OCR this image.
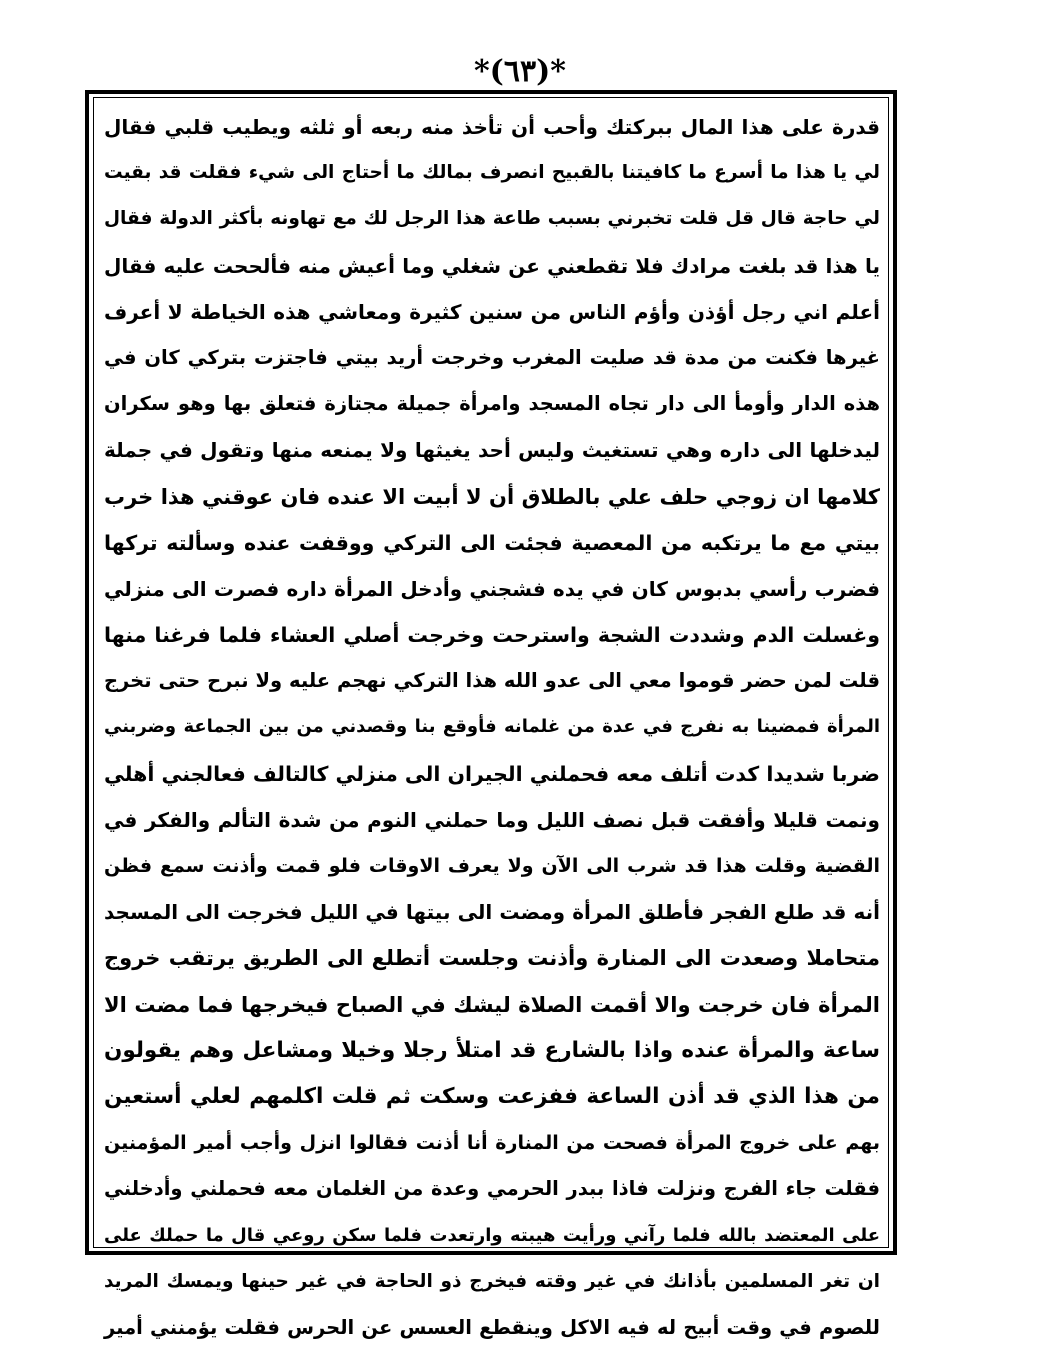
*(٦٣)*
قدرة على هذا المال ببركتك وأحب أن تأخذ منه ربعه أو ثلثه ويطيب قلبي فقال
لي يا هذا ما أسرع ما كافيتنا بالقبيح انصرف بمالك ما أحتاج الى شيء فقلت قد بقيت
لي حاجة قال قل قلت تخبرني بسبب طاعة هذا الرجل لك مع تهاونه بأكثر الدولة فقال
يا هذا قد بلغت مرادك فلا تقطعني عن شغلي وما أعيش منه فألححت عليه فقال
أعلم اني رجل أؤذن وأؤم الناس من سنين كثيرة ومعاشي هذه الخياطة لا أعرف
غيرها فكنت من مدة قد صليت المغرب وخرجت أريد بيتي فاجتزت بتركي كان في
هذه الدار وأومأ الى دار تجاه المسجد وامرأة جميلة مجتازة فتعلق بها وهو سكران
ليدخلها الى داره وهي تستغيث وليس أحد يغيثها ولا يمنعه منها وتقول في جملة
كلامها ان زوجي حلف علي بالطلاق أن لا أبيت الا عنده فان عوقني هذا خرب
بيتي مع ما يرتكبه من المعصية فجئت الى التركي ووقفت عنده وسألته تركها
فضرب رأسي بدبوس كان في يده فشجني وأدخل المرأة داره فصرت الى منزلي
وغسلت الدم وشددت الشجة واسترحت وخرجت أصلي العشاء فلما فرغنا منها
قلت لمن حضر قوموا معي الى عدو الله هذا التركي نهجم عليه ولا نبرح حتى تخرج
المرأة فمضينا به نفرج في عدة من غلمانه فأوقع بنا وقصدني من بين الجماعة وضربني
ضربا شديدا كدت أتلف معه فحملني الجيران الى منزلي كالتالف فعالجني أهلي
ونمت قليلا وأفقت قبل نصف الليل وما حملني النوم من شدة التألم والفكر في
القضية وقلت هذا قد شرب الى الآن ولا يعرف الاوقات فلو قمت وأذنت سمع فظن
أنه قد طلع الفجر فأطلق المرأة ومضت الى بيتها في الليل فخرجت الى المسجد
متحاملا وصعدت الى المنارة وأذنت وجلست أتطلع الى الطريق يرتقب خروج
المرأة فان خرجت والا أقمت الصلاة ليشك في الصباح فيخرجها فما مضت الا
ساعة والمرأة عنده واذا بالشارع قد امتلأ رجلا وخيلا ومشاعل وهم يقولون
من هذا الذي قد أذن الساعة ففزعت وسكت ثم قلت اكلمهم لعلي أستعين
بهم على خروج المرأة فصحت من المنارة أنا أذنت فقالوا انزل وأجب أمير المؤمنين
فقلت جاء الفرج ونزلت فاذا ببدر الحرمي وعدة من الغلمان معه فحملني وأدخلني
على المعتضد بالله فلما رآني ورأيت هيبته وارتعدت فلما سكن روعي قال ما حملك على
ان تغر المسلمين بأذانك في غير وقته فيخرج ذو الحاجة في غير حينها ويمسك المريد
للصوم في وقت أبيح له فيه الاكل وينقطع العسس عن الحرس فقلت يؤمنني أمير
